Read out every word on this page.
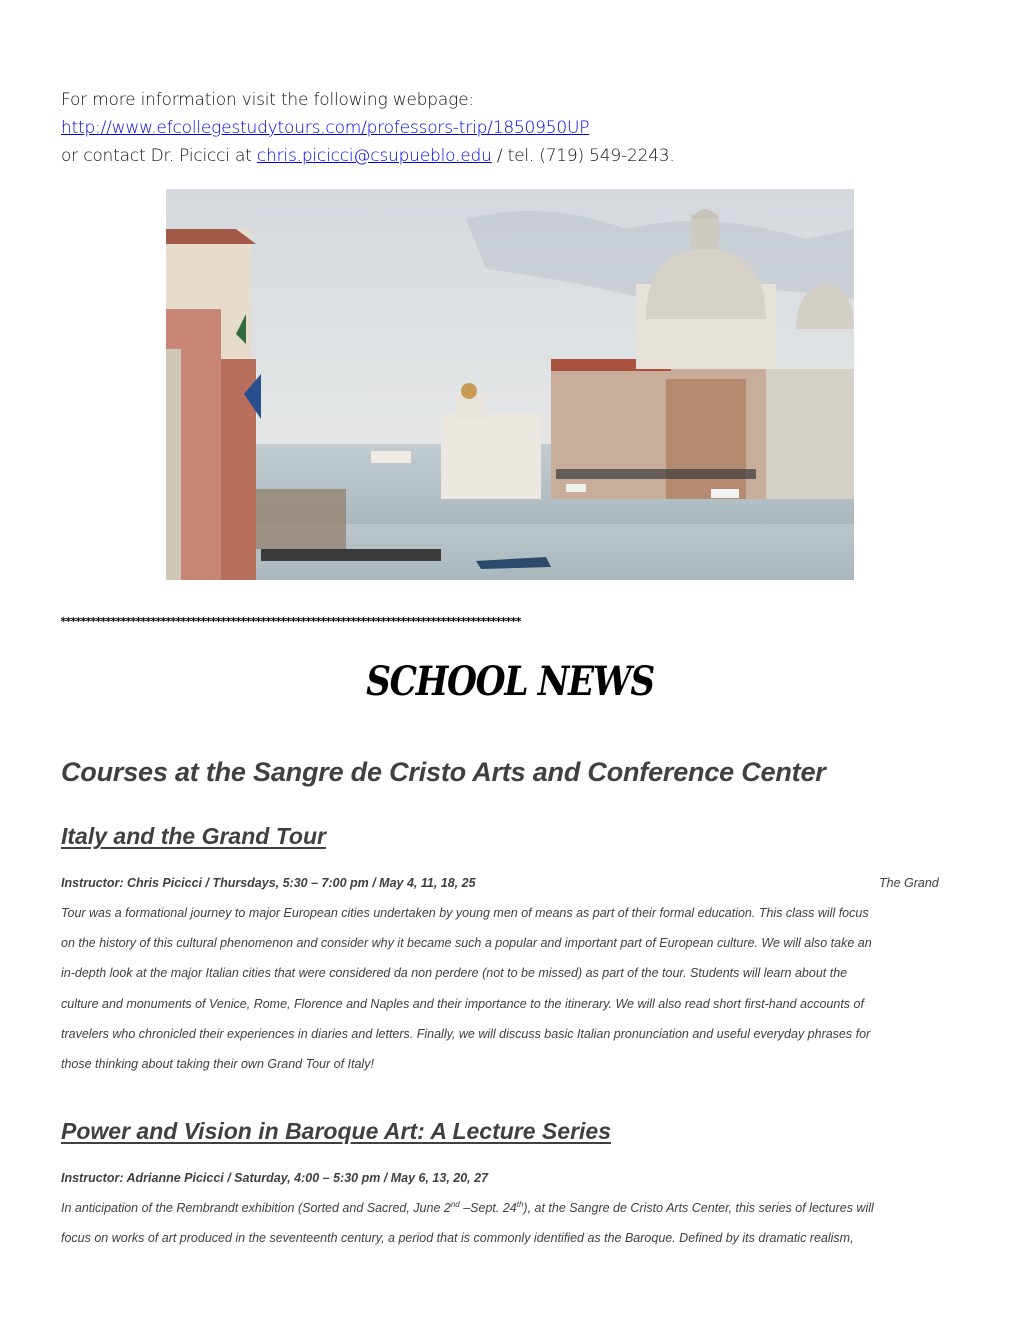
For more information visit the following webpage:
http://www.efcollegestudytours.com/professors-trip/1850950UP
or contact Dr. Picicci at chris.picicci@csupueblo.edu / tel. (719) 549-2243.
********************************************************************************************
SCHOOL NEWS
Courses at the Sangre de Cristo Arts and Conference Center
Italy and the Grand Tour
Instructor: Chris Picicci / Thursdays, 5:30 – 7:00 pm / May 4, 11, 18, 25	The Grand
Tour was a formational journey to major European cities undertaken by young men of means as part of their formal education. This class will focus
on the history of this cultural phenomenon and consider why it became such a popular and important part of European culture. We will also take an
in-depth look at the major Italian cities that were considered da non perdere (not to be missed) as part of the tour. Students will learn about the
culture and monuments of Venice, Rome, Florence and Naples and their importance to the itinerary. We will also read short first-hand accounts of
travelers who chronicled their experiences in diaries and letters. Finally, we will discuss basic Italian pronunciation and useful everyday phrases for
those thinking about taking their own Grand Tour of Italy!
Power and Vision in Baroque Art: A Lecture Series
Instructor: Adrianne Picicci / Saturday, 4:00 – 5:30 pm / May 6, 13, 20, 27
In anticipation of the Rembrandt exhibition (Sorted and Sacred, June 2nd –Sept. 24th), at the Sangre de Cristo Arts Center, this series of lectures will
focus on works of art produced in the seventeenth century, a period that is commonly identified as the Baroque. Defined by its dramatic realism,
